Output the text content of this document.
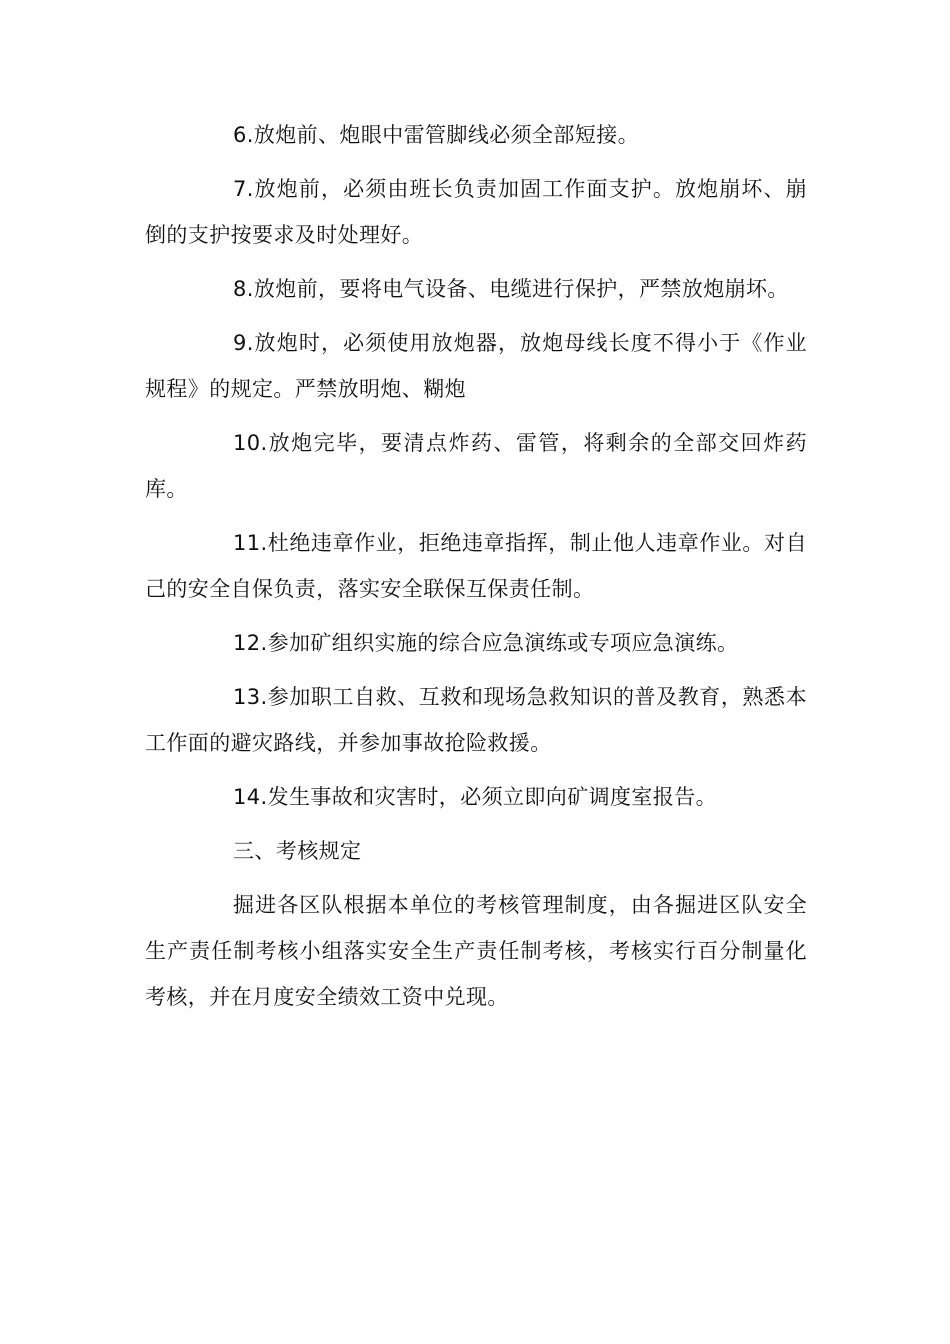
6.放炮前、炮眼中雷管脚线必须全部短接。

7.放炮前，必须由班长负责加固工作面支护。放炮崩坏、崩倒的支护按要求及时处理好。

8.放炮前，要将电气设备、电缆进行保护，严禁放炮崩坏。

9.放炮时，必须使用放炮器，放炮母线长度不得小于《作业规程》的规定。严禁放明炮、糊炮

10.放炮完毕，要清点炸药、雷管，将剩余的全部交回炸药库。

11.杜绝违章作业，拒绝违章指挥，制止他人违章作业。对自己的安全自保负责，落实安全联保互保责任制。

12.参加矿组织实施的综合应急演练或专项应急演练。

13.参加职工自救、互救和现场急救知识的普及教育，熟悉本工作面的避灾路线，并参加事故抢险救援。

14.发生事故和灾害时，必须立即向矿调度室报告。

三、考核规定

掘进各区队根据本单位的考核管理制度，由各掘进区队安全生产责任制考核小组落实安全生产责任制考核，考核实行百分制量化考核，并在月度安全绩效工资中兑现。
